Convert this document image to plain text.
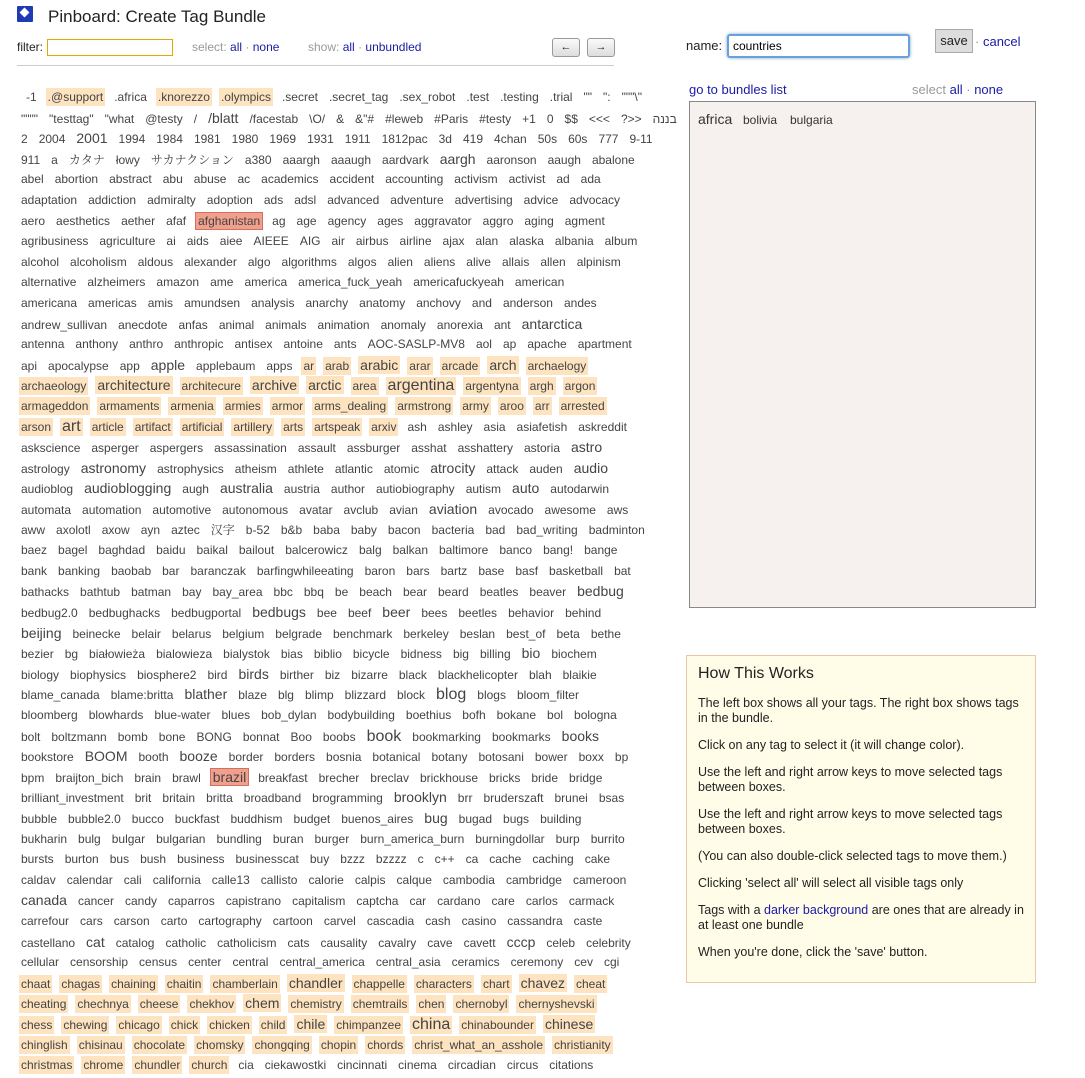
Pinboard: Create Tag Bundle
filter:	select: all · none show: all · unbundled	←	→
-1 .@support .africa .knorezzo .olympics .secret .secret_tag .sex_robot .test .testing .trial "" ": """\"
"""" "testtag" "what @testy / /blatt /facestab \O/ & &"# #leweb #Paris #testy +1 0 $$ <<< ?>> בננה
2 2004 2001 1994 1984 1981 1980 1969 1931 1911 1812pac 3d 419 4chan 50s 60s 777 9-11
911 a カタナ łowy サカナクション a380 aaargh aaaugh aardvark aargh aaronson aaugh abalone
abel abortion abstract abu abuse ac academics accident accounting activism activist ad ada
adaptation addiction admiralty adoption ads adsl advanced adventure advertising advice advocacy
aero aesthetics aether afaf afghanistan ag age agency ages aggravator aggro aging agment
agribusiness agriculture ai aids aiee AIEEE AIG air airbus airline ajax alan alaska albania album
alcohol alcoholism aldous alexander algo algorithms algos alien aliens alive allais allen alpinism
alternative alzheimers amazon ame america america_fuck_yeah americafuckyeah american
americana americas amis amundsen analysis anarchy anatomy anchovy and anderson andes
andrew_sullivan anecdote anfas animal animals animation anomaly anorexia ant antarctica
antenna anthony anthro anthropic antisex antoine ants AOC-SASLP-MV8 aol ap apache apartment
api apocalypse app apple applebaum apps ar arab arabic arar arcade arch archaelogy
archaeology architecture architecure archive arctic area argentina argentyna argh argon
armageddon armaments armenia armies armor arms_dealing armstrong army aroo arr arrested
arson art article artifact artificial artillery arts artspeak arxiv ash ashley asia asiafetish askreddit
askscience asperger aspergers assassination assault assburger asshat asshattery astoria astro
astrology astronomy astrophysics atheism athlete atlantic atomic atrocity attack auden audio
audioblog audioblogging augh australia austria author autiobiography autism auto autodarwin
automata automation automotive autonomous avatar avclub avian aviation avocado awesome aws
aww axolotl axow ayn aztec 汉字 b-52 b&b baba baby bacon bacteria bad bad_writing badminton
baez bagel baghdad baidu baikal bailout balcerowicz balg balkan baltimore banco bang! bange
bank banking baobab bar baranczak barfingwhileeating baron bars bartz base basf basketball bat
bathacks bathtub batman bay bay_area bbc bbq be beach bear beard beatles beaver bedbug
bedbug2.0 bedbughacks bedbugportal bedbugs bee beef beer bees beetles behavior behind
beijing beinecke belair belarus belgium belgrade benchmark berkeley beslan best_of beta bethe
bezier bg białowieża bialowieza bialystok bias biblio bicycle bidness big billing bio biochem
biology biophysics biosphere2 bird birds birther biz bizarre black blackhelicopter blah blaikie
blame_canada blame:britta blather blaze blg blimp blizzard block blog blogs bloom_filter
bloomberg blowhards blue-water blues bob_dylan bodybuilding boethius bofh bokane bol bologna
bolt boltzmann bomb bone BONG bonnat Boo boobs book bookmarking bookmarks books
bookstore BOOM booth booze border borders bosnia botanical botany botosani bower boxx bp
bpm braijton_bich brain brawl brazil breakfast brecher breclav brickhouse bricks bride bridge
brilliant_investment brit britain britta broadband brogramming brooklyn brr bruderszaft brunei bsas
bubble bubble2.0 bucco buckfast buddhism budget buenos_aires bug bugad bugs building
bukharin bulg bulgar bulgarian bundling buran burger burn_america_burn burningdollar burp burrito
bursts burton bus bush business businesscat buy bzzz bzzzz c c++ ca cache caching cake
caldav calendar cali california calle13 callisto calorie calpis calque cambodia cambridge cameroon
canada cancer candy caparros capistrano capitalism captcha car cardano care carlos carmack
carrefour cars carson carto cartography cartoon carvel cascadia cash casino cassandra caste
castellano cat catalog catholic catholicism cats causality cavalry cave cavett cccp celeb celebrity
cellular censorship census center central central_america central_asia ceramics ceremony cev cgi
chaat chagas chaining chaitin chamberlain chandler chappelle characters chart chavez cheat
cheating chechnya cheese chekhov chem chemistry chemtrails chen chernobyl chernyshevski
chess chewing chicago chick chicken child chile chimpanzee china chinabounder chinese
chinglish chisinau chocolate chomsky chongqing chopin chords christ_what_an_asshole christianity
christmas chrome chundler church cia ciekawostki cincinnati cinema circadian circus citations
name:
countries	save · cancel
go to bundles list	select all · none
africa bolivia bulgaria
How This Works
The left box shows all your tags. The right box shows tags in the bundle.
Click on any tag to select it (it will change color).
Use the left and right arrow keys to move selected tags between boxes.
Use the left and right arrow keys to move selected tags between boxes.
(You can also double-click selected tags to move them.)
Clicking 'select all' will select all visible tags only
Tags with a darker background are ones that are already in at least one bundle
When you're done, click the 'save' button.
